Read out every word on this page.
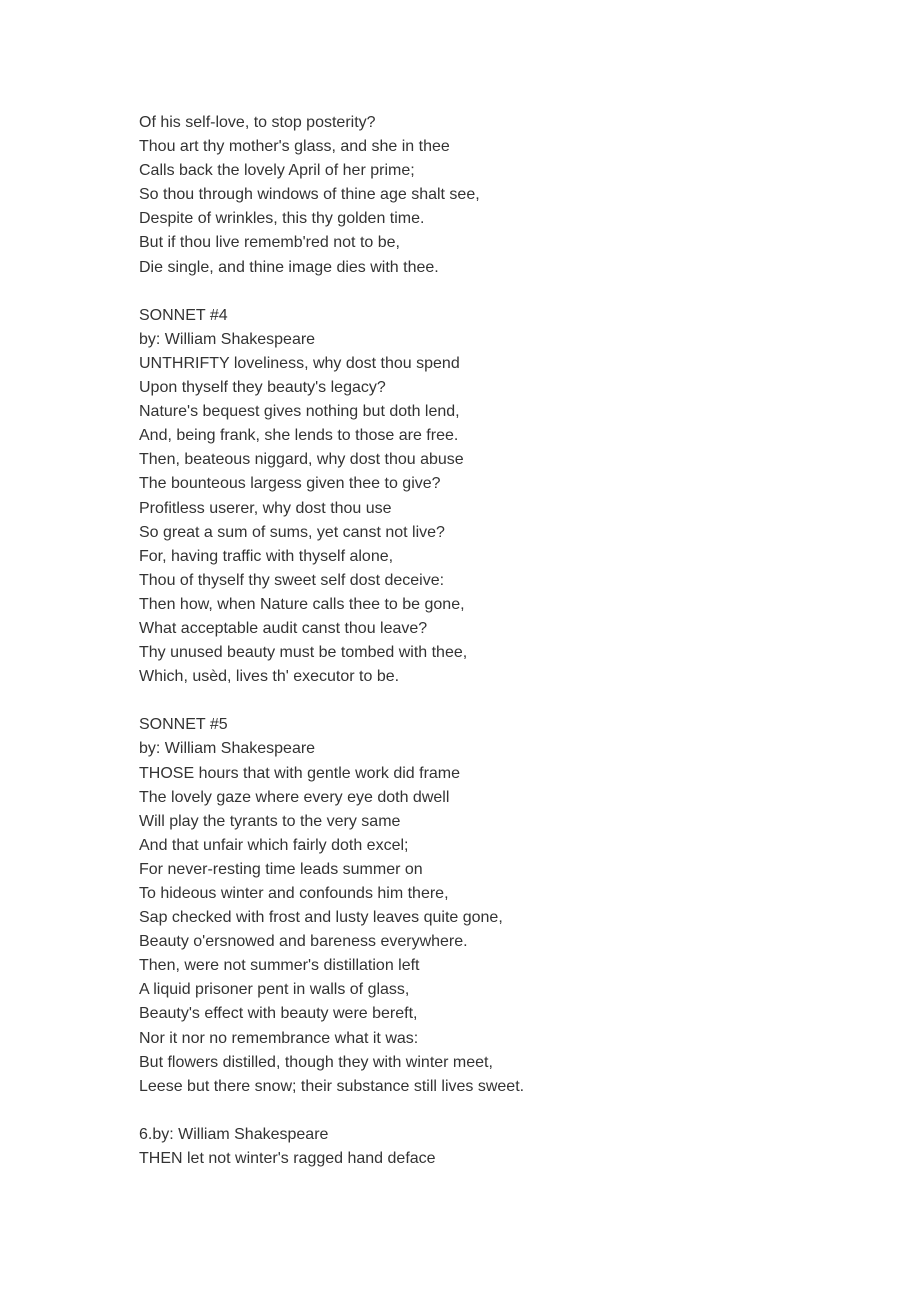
Of his self-love, to stop posterity?
Thou art thy mother's glass, and she in thee
Calls back the lovely April of her prime;
So thou through windows of thine age shalt see,
Despite of wrinkles, this thy golden time.
But if thou live rememb'red not to be,
Die single, and thine image dies with thee.
SONNET #4
by: William Shakespeare
UNTHRIFTY loveliness, why dost thou spend
Upon thyself they beauty's legacy?
Nature's bequest gives nothing but doth lend,
And, being frank, she lends to those are free.
Then, beateous niggard, why dost thou abuse
The bounteous largess given thee to give?
Profitless userer, why dost thou use
So great a sum of sums, yet canst not live?
For, having traffic with thyself alone,
Thou of thyself thy sweet self dost deceive:
Then how, when Nature calls thee to be gone,
What acceptable audit canst thou leave?
Thy unused beauty must be tombed with thee,
Which, usèd, lives th' executor to be.
SONNET #5
by: William Shakespeare
THOSE hours that with gentle work did frame
The lovely gaze where every eye doth dwell
Will play the tyrants to the very same
And that unfair which fairly doth excel;
For never-resting time leads summer on
To hideous winter and confounds him there,
Sap checked with frost and lusty leaves quite gone,
Beauty o'ersnowed and bareness everywhere.
Then, were not summer's distillation left
A liquid prisoner pent in walls of glass,
Beauty's effect with beauty were bereft,
Nor it nor no remembrance what it was:
But flowers distilled, though they with winter meet,
Leese but there snow; their substance still lives sweet.
6.by: William Shakespeare
THEN let not winter's ragged hand deface
